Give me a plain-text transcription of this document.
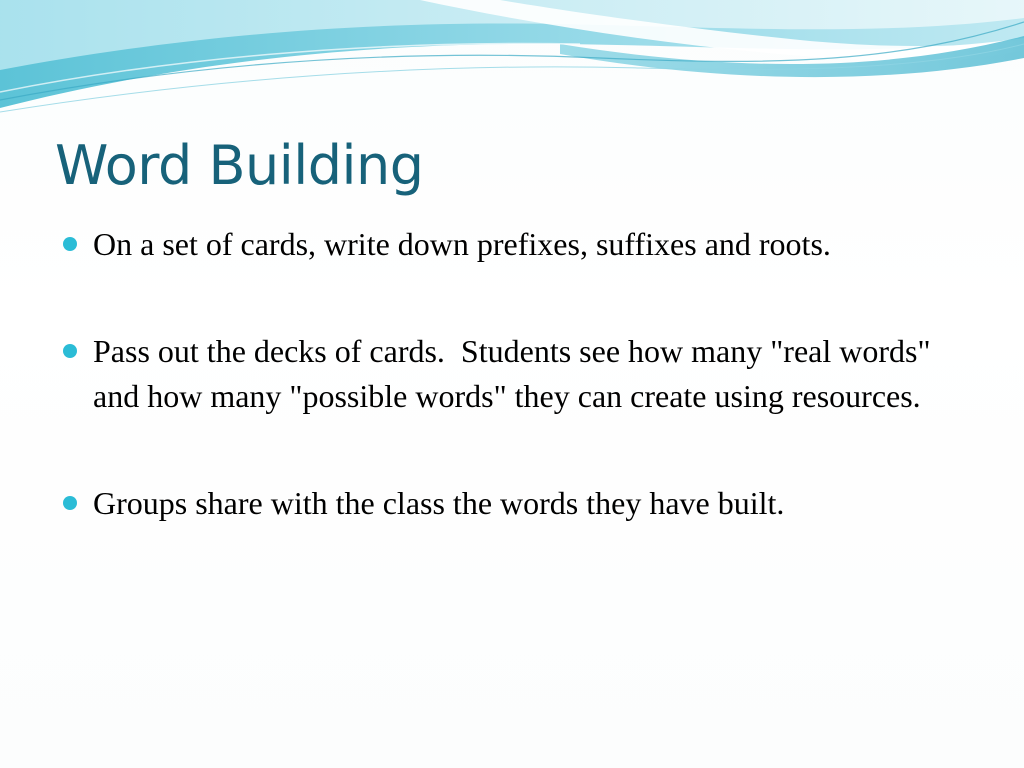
Word Building
On a set of cards, write down prefixes, suffixes and roots.
Pass out the decks of cards.  Students see how many "real words" and how many "possible words" they can create using resources.
Groups share with the class the words they have built.
